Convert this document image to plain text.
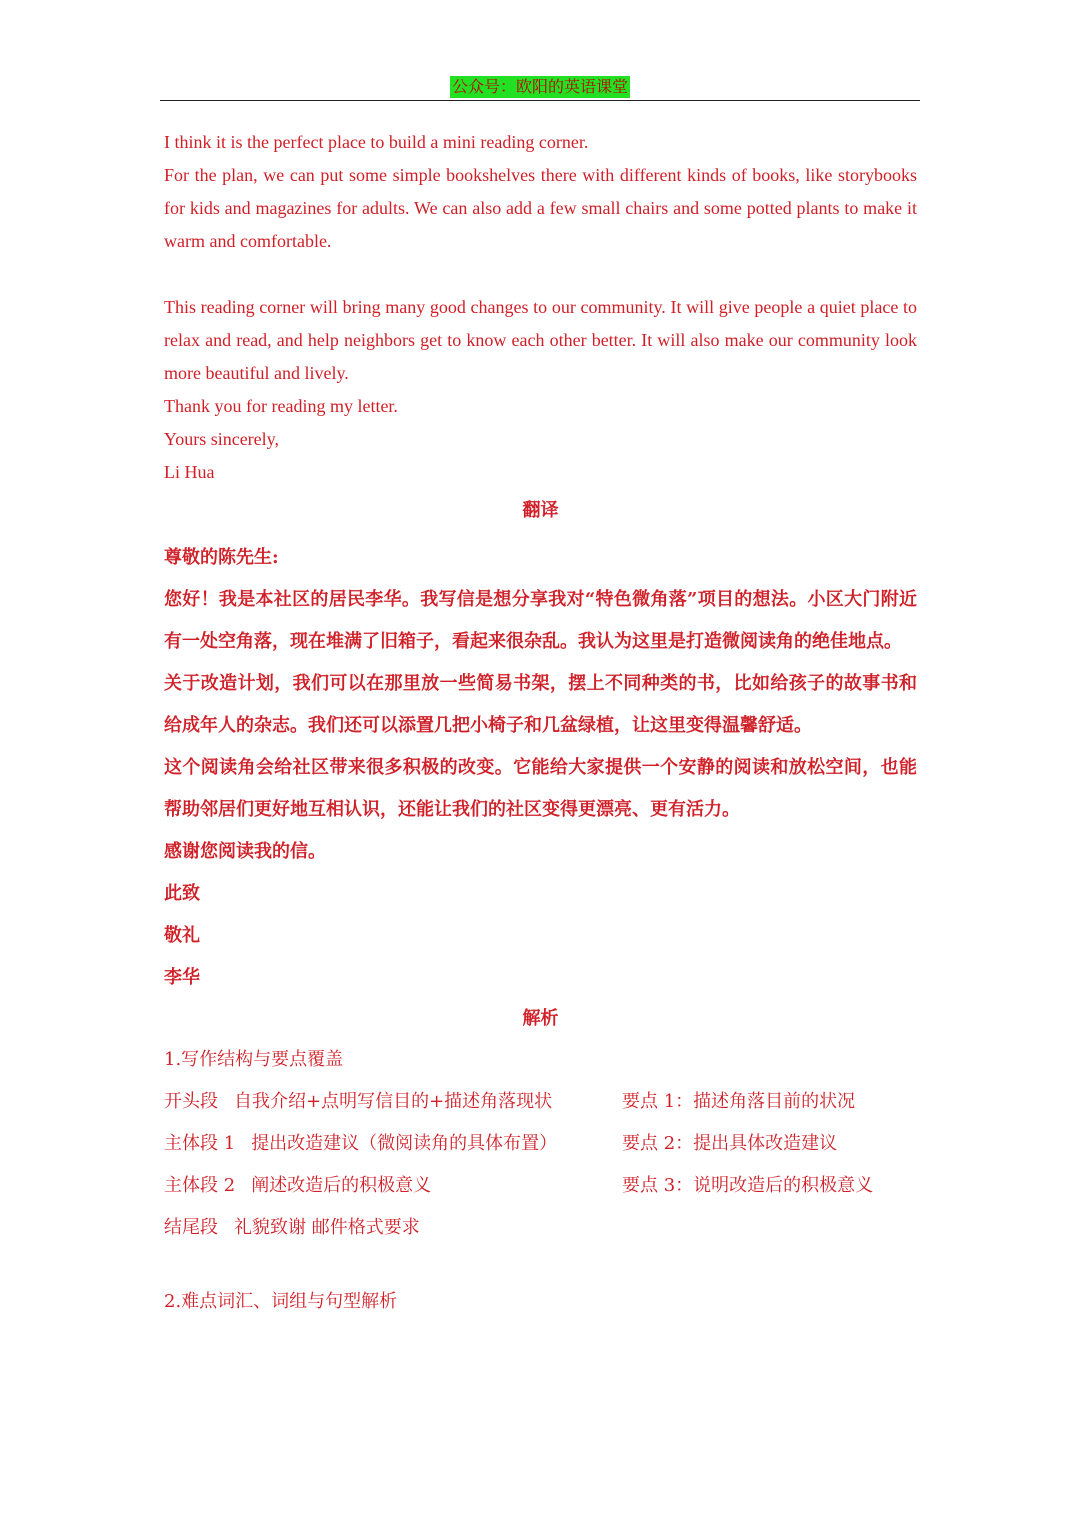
公众号：欧阳的英语课堂

I think it is the perfect place to build a mini reading corner.

For the plan, we can put some simple bookshelves there with different kinds of books, like storybooks for kids and magazines for adults. We can also add a few small chairs and some potted plants to make it warm and comfortable.

This reading corner will bring many good changes to our community. It will give people a quiet place to relax and read, and help neighbors get to know each other better. It will also make our community look more beautiful and lively.

Thank you for reading my letter.

Yours sincerely,

Li Hua

翻译

尊敬的陈先生:

您好！我是本社区的居民李华。我写信是想分享我对“特色微角落”项目的想法。小区大门附近有一处空角落，现在堆满了旧箱子，看起来很杂乱。我认为这里是打造微阅读角的绝佳地点。

关于改造计划，我们可以在那里放一些简易书架，摆上不同种类的书，比如给孩子的故事书和给成年人的杂志。我们还可以添置几把小椅子和几盆绿植，让这里变得温馨舒适。

这个阅读角会给社区带来很多积极的改变。它能给大家提供一个安静的阅读和放松空间，也能帮助邻居们更好地互相认识，还能让我们的社区变得更漂亮、更有活力。

感谢您阅读我的信。

此致

敬礼

李华

解析

1.写作结构与要点覆盖

开头段 自我介绍+点明写信目的+描述角落现状	要点 1：描述角落目前的状况
主体段 1 提出改造建议（微阅读角的具体布置）	要点 2：提出具体改造建议
主体段 2 阐述改造后的积极意义	要点 3：说明改造后的积极意义
结尾段 礼貌致谢 邮件格式要求

2.难点词汇、词组与句型解析
